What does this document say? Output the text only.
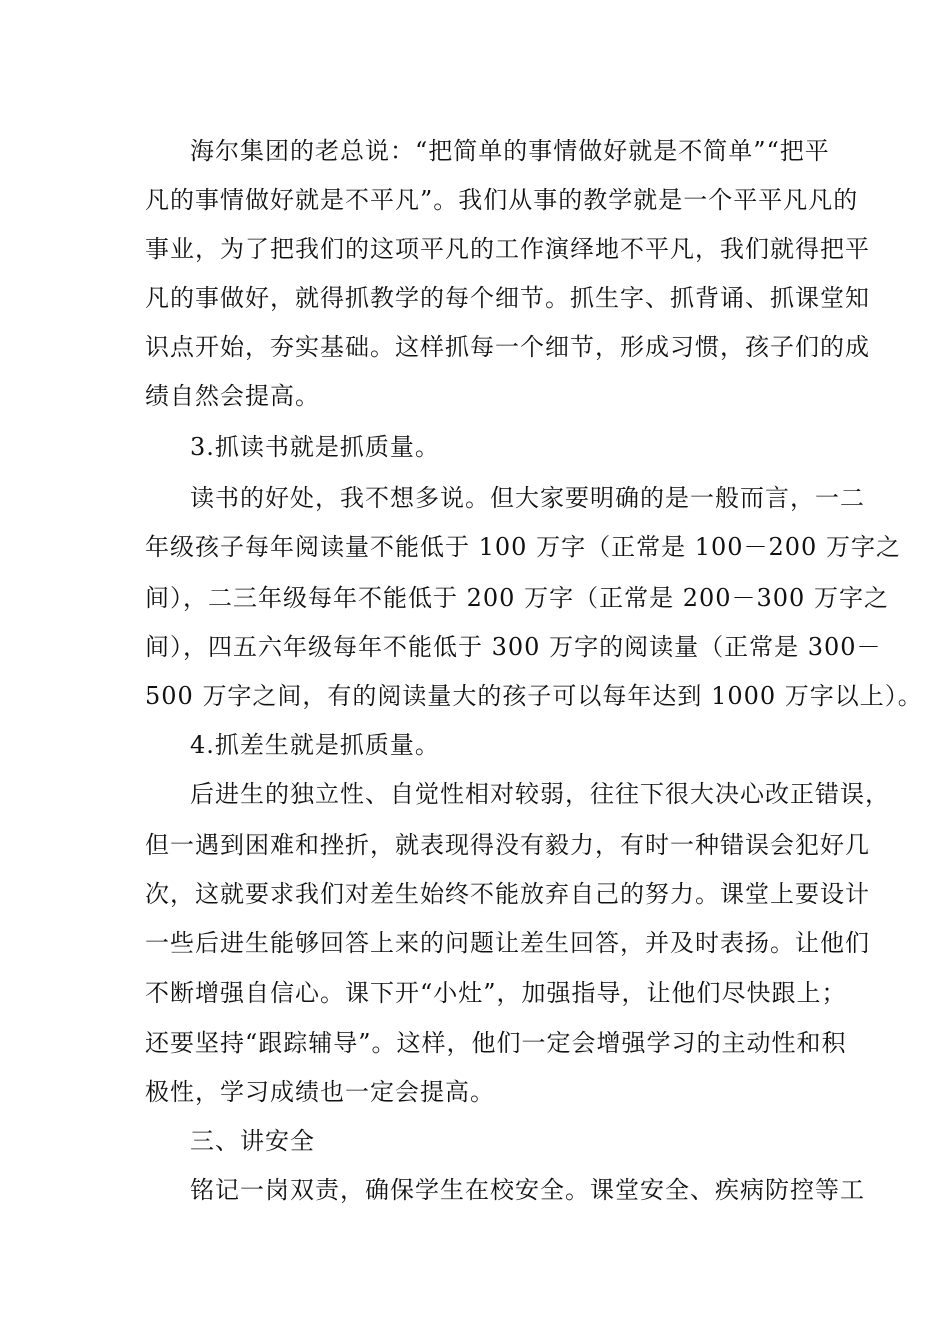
海尔集团的老总说：“把简单的事情做好就是不简单”“把平
凡的事情做好就是不平凡”。我们从事的教学就是一个平平凡凡的
事业，为了把我们的这项平凡的工作演绎地不平凡，我们就得把平
凡的事做好，就得抓教学的每个细节。抓生字、抓背诵、抓课堂知
识点开始，夯实基础。这样抓每一个细节，形成习惯，孩子们的成
绩自然会提高。
3.抓读书就是抓质量。
读书的好处，我不想多说。但大家要明确的是一般而言，一二
年级孩子每年阅读量不能低于 100 万字（正常是 100－200 万字之
间），二三年级每年不能低于 200 万字（正常是 200－300 万字之
间），四五六年级每年不能低于 300 万字的阅读量（正常是 300－
500 万字之间，有的阅读量大的孩子可以每年达到 1000 万字以上）。
4.抓差生就是抓质量。
后进生的独立性、自觉性相对较弱，往往下很大决心改正错误，
但一遇到困难和挫折，就表现得没有毅力，有时一种错误会犯好几
次，这就要求我们对差生始终不能放弃自己的努力。课堂上要设计
一些后进生能够回答上来的问题让差生回答，并及时表扬。让他们
不断增强自信心。课下开“小灶”，加强指导，让他们尽快跟上；
还要坚持“跟踪辅导”。这样，他们一定会增强学习的主动性和积
极性，学习成绩也一定会提高。
三、讲安全
铭记一岗双责，确保学生在校安全。课堂安全、疾病防控等工
